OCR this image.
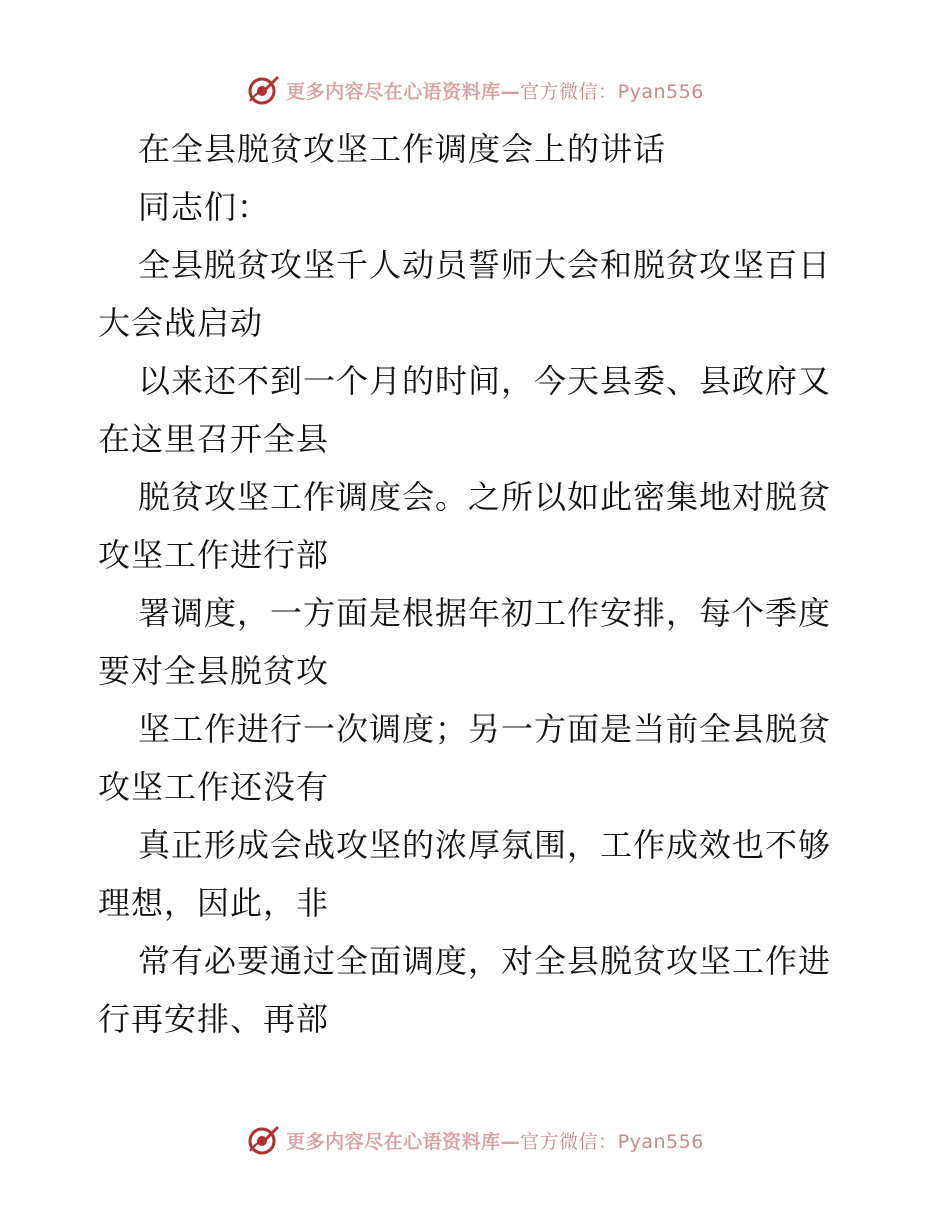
更多内容尽在心语资料库—官方微信：Pyan556

在全县脱贫攻坚工作调度会上的讲话

同志们：

全县脱贫攻坚千人动员誓师大会和脱贫攻坚百日大会战启动

以来还不到一个月的时间，今天县委、县政府又在这里召开全县

脱贫攻坚工作调度会。之所以如此密集地对脱贫攻坚工作进行部

署调度，一方面是根据年初工作安排，每个季度要对全县脱贫攻

坚工作进行一次调度；另一方面是当前全县脱贫攻坚工作还没有

真正形成会战攻坚的浓厚氛围，工作成效也不够理想，因此，非

常有必要通过全面调度，对全县脱贫攻坚工作进行再安排、再部

更多内容尽在心语资料库—官方微信：Pyan556
